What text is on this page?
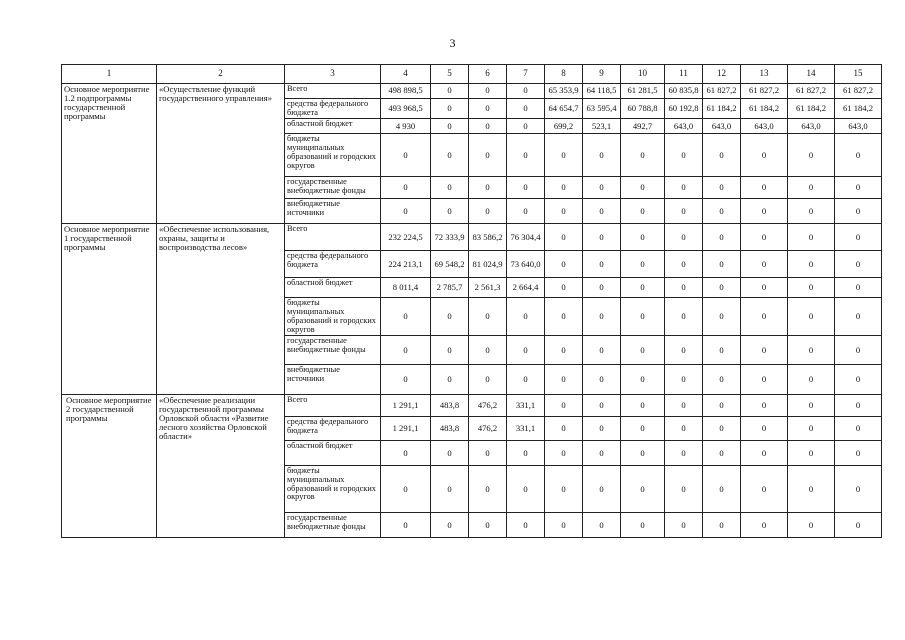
3
1	2	3	4	5	6	7	8	9	10	11	12	13	14	15
Основное мероприятие 1.2 подпрограммы государственной программы	«Осуществление функций государственного управления»	Всего	498 898,5	0	0	0	65 353,9	64 118,5	61 281,5	60 835,8	61 827,2	61 827,2	61 827,2	61 827,2
		средства федерального бюджета	493 968,5	0	0	0	64 654,7	63 595,4	60 788,8	60 192,8	61 184,2	61 184,2	61 184,2	61 184,2
		областной бюджет	4 930	0	0	0	699,2	523,1	492,7	643,0	643,0	643,0	643,0	643,0
		бюджеты муниципальных образований и городских округов	0	0	0	0	0	0	0	0	0	0	0	0
		государственные внебюджетные фонды	0	0	0	0	0	0	0	0	0	0	0	0
		внебюджетные источники	0	0	0	0	0	0	0	0	0	0	0	0
Основное мероприятие 1 государственной программы	«Обеспечение использования, охраны, защиты и воспроизводства лесов»	Всего	232 224,5	72 333,9	83 586,2	76 304,4	0	0	0	0	0	0	0	0
		средства федерального бюджета	224 213,1	69 548,2	81 024,9	73 640,0	0	0	0	0	0	0	0	0
		областной бюджет	8 011,4	2 785,7	2 561,3	2 664,4	0	0	0	0	0	0	0	0
		бюджеты муниципальных образований и городских округов	0	0	0	0	0	0	0	0	0	0	0	0
		государственные внебюджетные фонды	0	0	0	0	0	0	0	0	0	0	0	0
		внебюджетные источники	0	0	0	0	0	0	0	0	0	0	0	0
Основное мероприятие 2 государственной программы	«Обеспечение реализации государственной программы Орловской области «Развитие лесного хозяйства Орловской области»	Всего	1 291,1	483,8	476,2	331,1	0	0	0	0	0	0	0	0
		средства федерального бюджета	1 291,1	483,8	476,2	331,1	0	0	0	0	0	0	0	0
		областной бюджет	0	0	0	0	0	0	0	0	0	0	0	0
		бюджеты муниципальных образований и городских округов	0	0	0	0	0	0	0	0	0	0	0	0
		государственные внебюджетные фонды	0	0	0	0	0	0	0	0	0	0	0	0
